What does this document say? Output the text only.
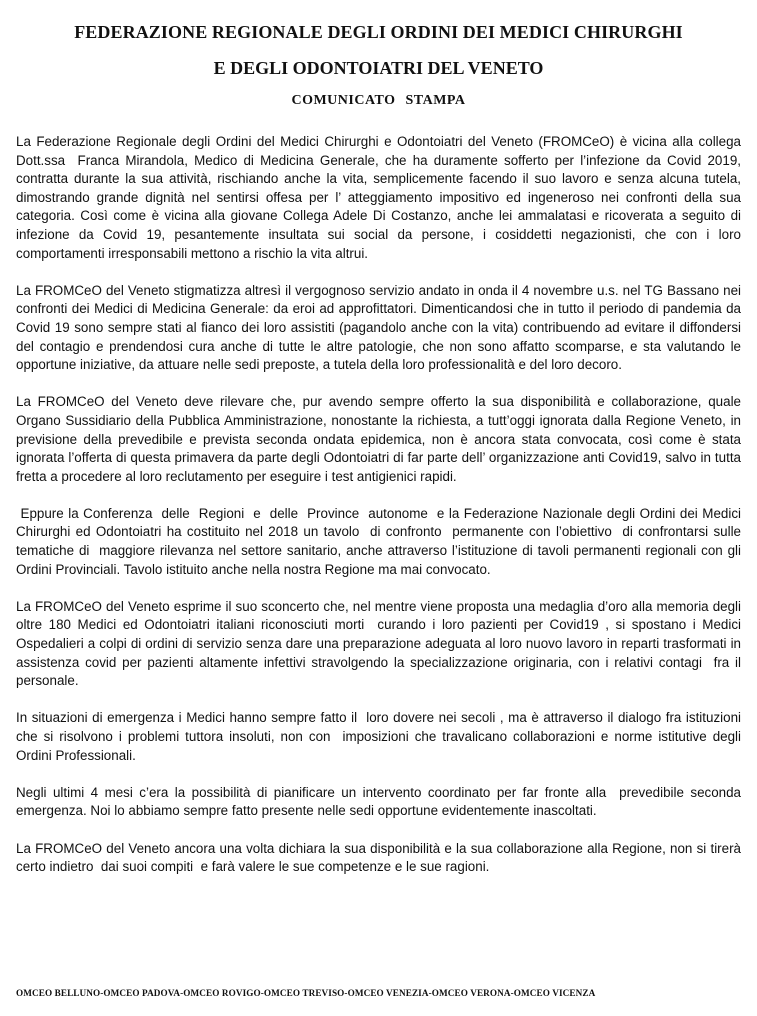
FEDERAZIONE REGIONALE DEGLI ORDINI DEI MEDICI CHIRURGHI
E DEGLI ODONTOIATRI DEL VENETO
COMUNICATO STAMPA

La Federazione Regionale degli Ordini del Medici Chirurghi e Odontoiatri del Veneto (FROMCeO) è vicina alla collega Dott.ssa  Franca Mirandola, Medico di Medicina Generale, che ha duramente sofferto per l’infezione da Covid 2019, contratta durante la sua attività, rischiando anche la vita, semplicemente facendo il suo lavoro e senza alcuna tutela, dimostrando grande dignità nel sentirsi offesa per l’ atteggiamento impositivo ed ingeneroso nei confronti della sua categoria. Così come è vicina alla giovane Collega Adele Di Costanzo, anche lei ammalatasi e ricoverata a seguito di infezione da Covid 19, pesantemente insultata sui social da persone, i cosiddetti negazionisti, che con i loro comportamenti irresponsabili mettono a rischio la vita altrui.

La FROMCeO del Veneto stigmatizza altresì il vergognoso servizio andato in onda il 4 novembre u.s. nel TG Bassano nei confronti dei Medici di Medicina Generale: da eroi ad approfittatori. Dimenticandosi che in tutto il periodo di pandemia da Covid 19 sono sempre stati al fianco dei loro assistiti (pagandolo anche con la vita) contribuendo ad evitare il diffondersi del contagio e prendendosi cura anche di tutte le altre patologie, che non sono affatto scomparse, e sta valutando le opportune iniziative, da attuare nelle sedi preposte, a tutela della loro professionalità e del loro decoro.

La FROMCeO del Veneto deve rilevare che, pur avendo sempre offerto la sua disponibilità e collaborazione, quale Organo Sussidiario della Pubblica Amministrazione, nonostante la richiesta, a tutt’oggi ignorata dalla Regione Veneto, in previsione della prevedibile e prevista seconda ondata epidemica, non è ancora stata convocata, così come è stata ignorata l’offerta di questa primavera da parte degli Odontoiatri di far parte dell’ organizzazione anti Covid19, salvo in tutta fretta a procedere al loro reclutamento per eseguire i test antigienici rapidi.

Eppure la Conferenza  delle  Regioni  e  delle  Province  autonome  e la Federazione Nazionale degli Ordini dei Medici Chirurghi ed Odontoiatri ha costituito nel 2018 un tavolo  di confronto  permanente con l’obiettivo  di confrontarsi sulle tematiche di  maggiore rilevanza nel settore sanitario, anche attraverso l’istituzione di tavoli permanenti regionali con gli Ordini Provinciali. Tavolo istituito anche nella nostra Regione ma mai convocato.

La FROMCeO del Veneto esprime il suo sconcerto che, nel mentre viene proposta una medaglia d’oro alla memoria degli oltre 180 Medici ed Odontoiatri italiani riconosciuti morti  curando i loro pazienti per Covid19 , si spostano i Medici Ospedalieri a colpi di ordini di servizio senza dare una preparazione adeguata al loro nuovo lavoro in reparti trasformati in assistenza covid per pazienti altamente infettivi stravolgendo la specializzazione originaria, con i relativi contagi  fra il personale.

In situazioni di emergenza i Medici hanno sempre fatto il  loro dovere nei secoli , ma è attraverso il dialogo fra istituzioni che si risolvono i problemi tuttora insoluti, non con  imposizioni che travalicano collaborazioni e norme istitutive degli Ordini Professionali.

Negli ultimi 4 mesi c’era la possibilità di pianificare un intervento coordinato per far fronte alla  prevedibile seconda emergenza. Noi lo abbiamo sempre fatto presente nelle sedi opportune evidentemente inascoltati.

La FROMCeO del Veneto ancora una volta dichiara la sua disponibilità e la sua collaborazione alla Regione, non si tirerà certo indietro  dai suoi compiti  e farà valere le sue competenze e le sue ragioni.

OMCEO BELLUNO-OMCEO PADOVA-OMCEO ROVIGO-OMCEO TREVISO-OMCEO VENEZIA-OMCEO VERONA-OMCEO VICENZA
